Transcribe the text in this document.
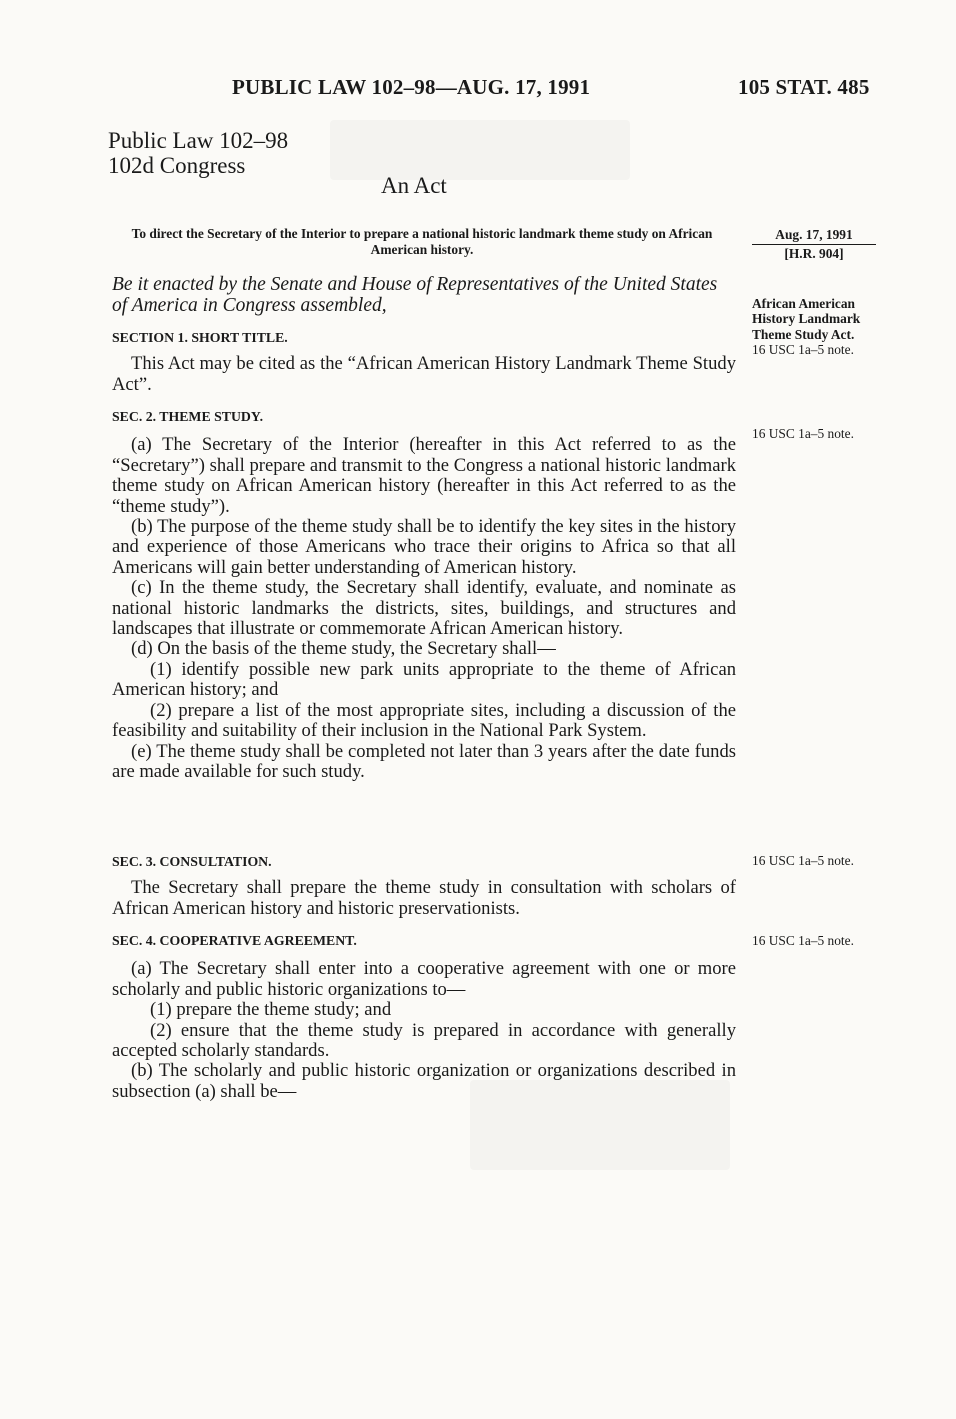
PUBLIC LAW 102–98—AUG. 17, 1991	105 STAT. 485
Public Law 102–98
102d Congress
An Act
To direct the Secretary of the Interior to prepare a national historic landmark theme study on African American history.
Aug. 17, 1991
[H.R. 904]
Be it enacted by the Senate and House of Representatives of the United States of America in Congress assembled,

SECTION 1. SHORT TITLE.

This Act may be cited as the “African American History Landmark Theme Study Act”.

SEC. 2. THEME STUDY.

(a) The Secretary of the Interior (hereafter in this Act referred to as the “Secretary”) shall prepare and transmit to the Congress a national historic landmark theme study on African American history (hereafter in this Act referred to as the “theme study”).

(b) The purpose of the theme study shall be to identify the key sites in the history and experience of those Americans who trace their origins to Africa so that all Americans will gain better understanding of American history.

(c) In the theme study, the Secretary shall identify, evaluate, and nominate as national historic landmarks the districts, sites, buildings, and structures and landscapes that illustrate or commemorate African American history.

(d) On the basis of the theme study, the Secretary shall—

(1) identify possible new park units appropriate to the theme of African American history; and

(2) prepare a list of the most appropriate sites, including a discussion of the feasibility and suitability of their inclusion in the National Park System.

(e) The theme study shall be completed not later than 3 years after the date funds are made available for such study.

SEC. 3. CONSULTATION.

The Secretary shall prepare the theme study in consultation with scholars of African American history and historic preservationists.

SEC. 4. COOPERATIVE AGREEMENT.

(a) The Secretary shall enter into a cooperative agreement with one or more scholarly and public historic organizations to—

(1) prepare the theme study; and

(2) ensure that the theme study is prepared in accordance with generally accepted scholarly standards.

(b) The scholarly and public historic organization or organizations described in subsection (a) shall be—

African American History Landmark Theme Study Act.
16 USC 1a–5 note.
16 USC 1a–5 note.
16 USC 1a–5 note.
16 USC 1a–5 note.
